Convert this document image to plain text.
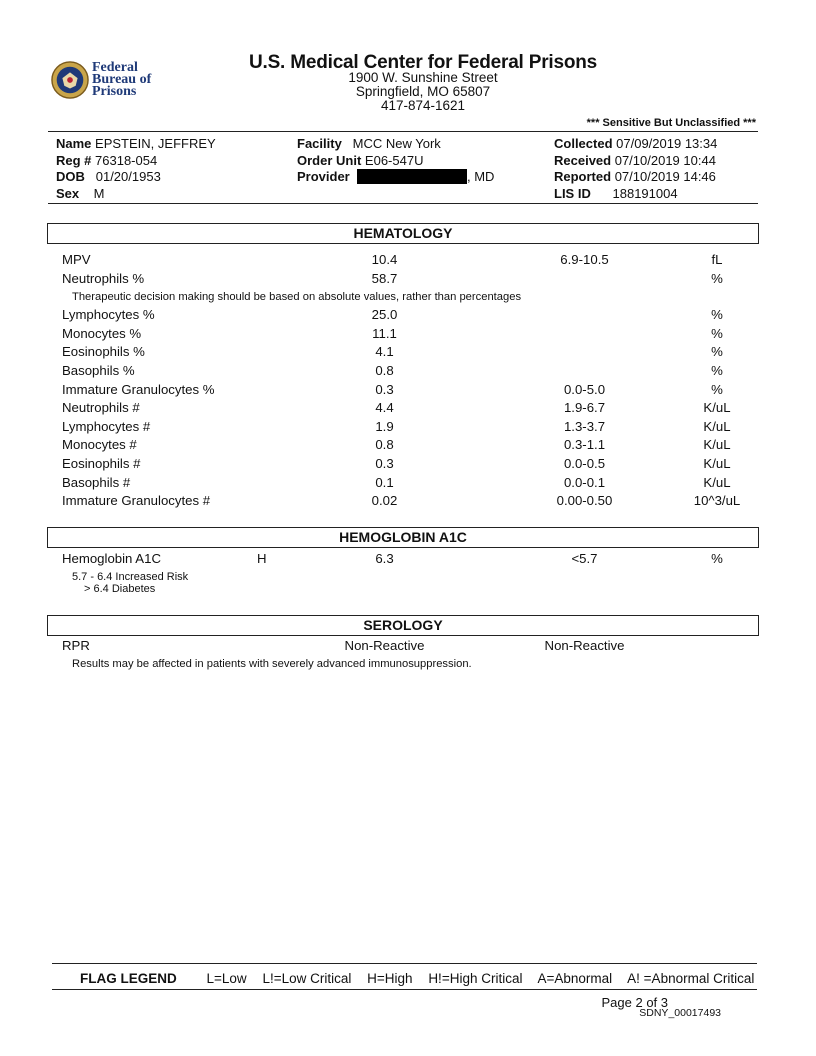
Federal
Bureau of
Prisons
U.S. Medical Center for Federal Prisons
1900 W. Sunshine Street
Springfield, MO 65807
417-874-1621
*** Sensitive But Unclassified ***
Name EPSTEIN, JEFFREY
Reg # 76318-054
DOB 01/20/1953
Sex M
Facility MCC New York
Order Unit E06-547U
Provider	, MD
Collected 07/09/2019 13:34
Received 07/10/2019 10:44
Reported 07/10/2019 14:46
LIS ID 188191004
HEMATOLOGY
MPV	10.4	6.9-10.5	fL
Neutrophils %	58.7	%
Therapeutic decision making should be based on absolute values, rather than percentages
Lymphocytes %	25.0	%
Monocytes %	11.1	%
Eosinophils %	4.1	%
Basophils %	0.8	%
Immature Granulocytes %	0.3	0.0-5.0	%
Neutrophils #	4.4	1.9-6.7	K/uL
Lymphocytes #	1.9	1.3-3.7	K/uL
Monocytes #	0.8	0.3-1.1	K/uL
Eosinophils #	0.3	0.0-0.5	K/uL
Basophils #	0.1	0.0-0.1	K/uL
Immature Granulocytes #	0.02	0.00-0.50	10^3/uL
HEMOGLOBIN A1C
Hemoglobin A1C	H	6.3	<5.7	%
5.7 - 6.4 Increased Risk
> 6.4 Diabetes
SEROLOGY
RPR	Non-Reactive	Non-Reactive
Results may be affected in patients with severely advanced immunosuppression.
FLAG LEGEND L=Low L!=Low Critical H=High H!=High Critical A=Abnormal A! =Abnormal Critical
Page 2 of 3
SDNY_00017493
